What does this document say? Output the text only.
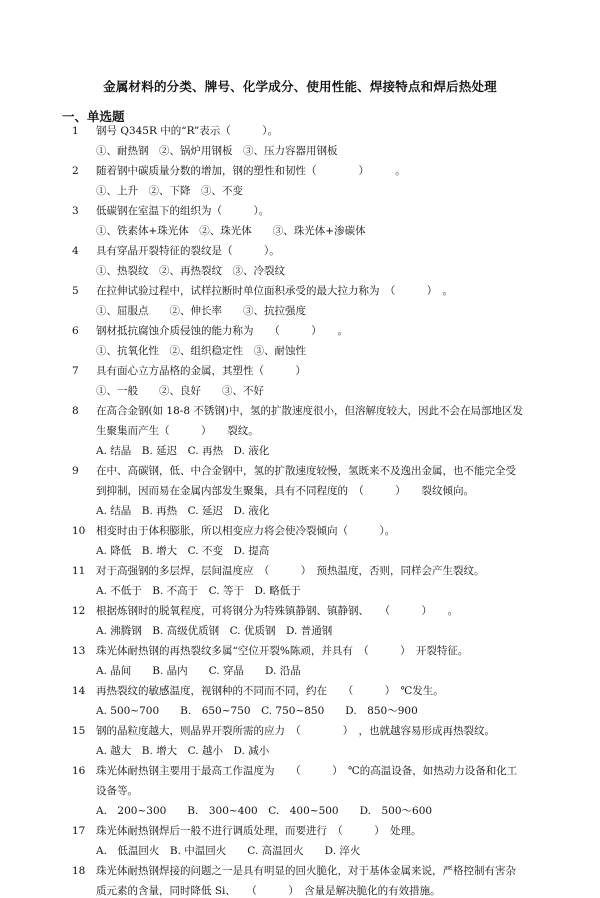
金属材料的分类、牌号、化学成分、使用性能、焊接特点和焊后热处理
一、单选题
1 钢号 Q345R 中的“R”表示（　　　）。
①、耐热钢　②、锅炉用钢板　③、压力容器用钢板
2 随着钢中碳质量分数的增加，钢的塑性和韧性（　　　　）　　　。
①、上升　②、下降　③、不变
3 低碳钢在室温下的组织为（　　　）。
①、铁素体+珠光体　②、珠光体　　③、珠光体+渗碳体
4 具有穿晶开裂特征的裂纹是（　　　）。
①、热裂纹　②、再热裂纹　③、冷裂纹
5 在拉伸试验过程中，试样拉断时单位面积承受的最大拉力称为　（　　　）　。
①、屈服点　　②、伸长率　　③、抗拉强度
6 钢材抵抗腐蚀介质侵蚀的能力称为　　（　　　）　　。
①、抗氧化性　②、组织稳定性　③、耐蚀性
7 具有面心立方晶格的金属，其塑性（　　　）
①、一般　　②、良好　　③、不好
8 在高合金钢(如 18-8 不锈钢)中，氢的扩散速度很小，但溶解度较大，因此不会在局部地区发
生聚集而产生（　　　）　　裂纹。
A. 结晶　B. 延迟　C. 再热　D. 液化
9 在中、高碳钢，低、中合金钢中，氢的扩散速度较慢，氢既来不及逸出金属，也不能完全受
到抑制，因而易在金属内部发生聚集，具有不同程度的　（　　　）　　裂纹倾向。
A. 结晶　B. 再热　C. 延迟　D. 液化
10 相变时由于体积膨胀，所以相变应力将会使冷裂倾向（　　　）。
A. 降低　B. 增大　C. 不变　D. 提高
11 对于高强钢的多层焊，层间温度应　（　　　）　预热温度，否则，同样会产生裂纹。
A. 不低于　B. 不高于　C. 等于　D. 略低于
12 根据炼钢时的脱氧程度，可将钢分为特殊镇静钢、镇静钢、　　（　　　）　　。
A. 沸腾钢　B. 高级优质钢　C. 优质钢　D. 普通钢
13 珠光体耐热钢的再热裂纹多属“空位开裂%陈顽，并具有　（　　　）　开裂特征。
A. 晶间　　B. 晶内　　C. 穿晶　　D. 沿晶
14 再热裂纹的敏感温度，视钢种的不同而不同，约在　　（　　　）　℃发生。
A. 500~700　　B.　650~750　C. 750~850　　D.　850～900
15 钢的晶粒度越大，则晶界开裂所需的应力　（　　　　）　，也就越容易形成再热裂纹。
A. 越大　B. 增大　C. 越小　D. 减小
16 珠光体耐热钢主要用于最高工作温度为　　（　　　）　℃的高温设备，如热动力设备和化工
设备等。
A.　200~300　　B.　300~400　C.　400~500　　D.　500～600
17 珠光体耐热钢焊后一般不进行调质处理，而要进行　（　　　）　处理。
A.　低温回火　B. 中温回火　　C. 高温回火　　D. 淬火
18 珠光体耐热钢焊接的问题之一是具有明显的回火脆化，对于基体金属来说，严格控制有害杂
质元素的含量，同时降低 Si、　　（　　　）　含量是解决脆化的有效措施。
